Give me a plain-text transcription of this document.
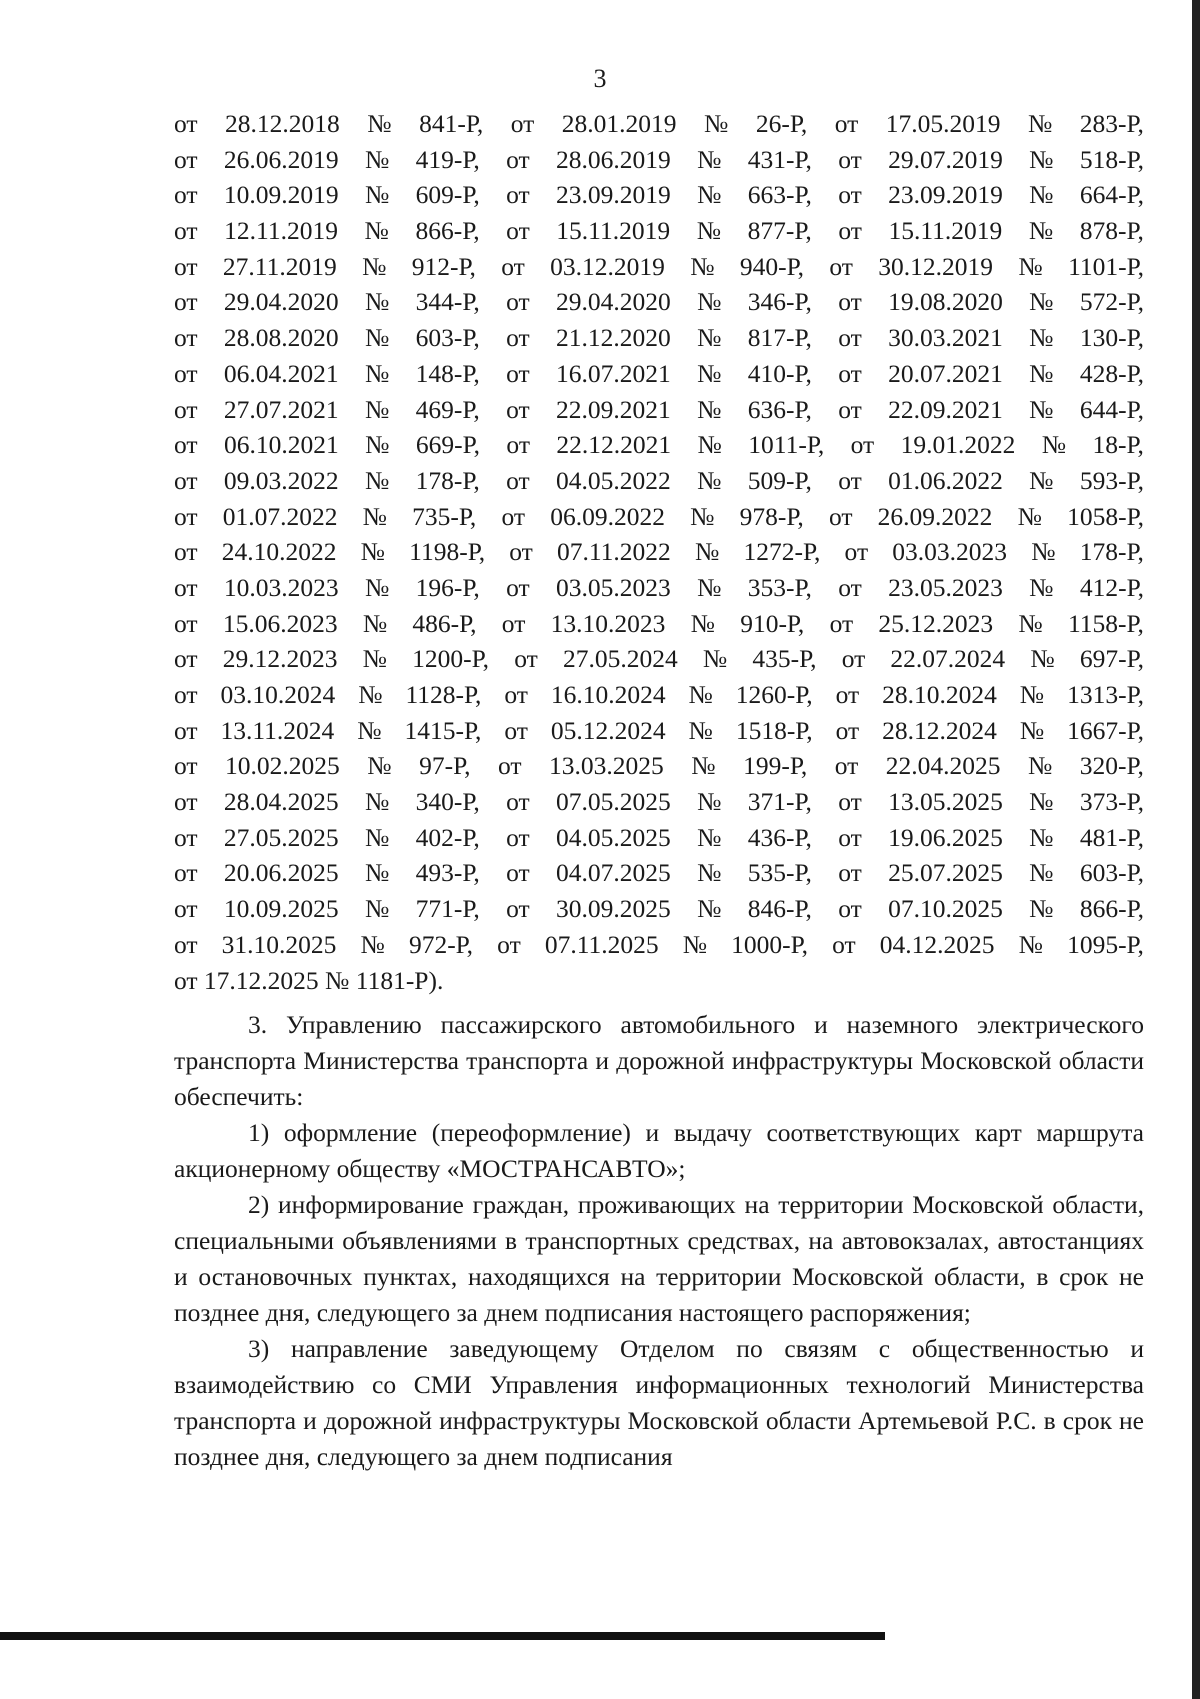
3
от 28.12.2018 № 841-Р, от 28.01.2019 № 26-Р, от 17.05.2019 № 283-Р,
от 26.06.2019 № 419-Р, от 28.06.2019 № 431-Р, от 29.07.2019 № 518-Р,
от 10.09.2019 № 609-Р, от 23.09.2019 № 663-Р, от 23.09.2019 № 664-Р,
от 12.11.2019 № 866-Р, от 15.11.2019 № 877-Р, от 15.11.2019 № 878-Р,
от 27.11.2019 № 912-Р, от 03.12.2019 № 940-Р, от 30.12.2019 № 1101-Р,
от 29.04.2020 № 344-Р, от 29.04.2020 № 346-Р, от 19.08.2020 № 572-Р,
от 28.08.2020 № 603-Р, от 21.12.2020 № 817-Р, от 30.03.2021 № 130-Р,
от 06.04.2021 № 148-Р, от 16.07.2021 № 410-Р, от 20.07.2021 № 428-Р,
от 27.07.2021 № 469-Р, от 22.09.2021 № 636-Р, от 22.09.2021 № 644-Р,
от 06.10.2021 № 669-Р, от 22.12.2021 № 1011-Р, от 19.01.2022 № 18-Р,
от 09.03.2022 № 178-Р, от 04.05.2022 № 509-Р, от 01.06.2022 № 593-Р,
от 01.07.2022 № 735-Р, от 06.09.2022 № 978-Р, от 26.09.2022 № 1058-Р,
от 24.10.2022 № 1198-Р, от 07.11.2022 № 1272-Р, от 03.03.2023 № 178-Р,
от 10.03.2023 № 196-Р, от 03.05.2023 № 353-Р, от 23.05.2023 № 412-Р,
от 15.06.2023 № 486-Р, от 13.10.2023 № 910-Р, от 25.12.2023 № 1158-Р,
от 29.12.2023 № 1200-Р, от 27.05.2024 № 435-Р, от 22.07.2024 № 697-Р,
от 03.10.2024 № 1128-Р, от 16.10.2024 № 1260-Р, от 28.10.2024 № 1313-Р,
от 13.11.2024 № 1415-Р, от 05.12.2024 № 1518-Р, от 28.12.2024 № 1667-Р,
от 10.02.2025 № 97-Р, от 13.03.2025 № 199-Р, от 22.04.2025 № 320-Р,
от 28.04.2025 № 340-Р, от 07.05.2025 № 371-Р, от 13.05.2025 № 373-Р,
от 27.05.2025 № 402-Р, от 04.05.2025 № 436-Р, от 19.06.2025 № 481-Р,
от 20.06.2025 № 493-Р, от 04.07.2025 № 535-Р, от 25.07.2025 № 603-Р,
от 10.09.2025 № 771-Р, от 30.09.2025 № 846-Р, от 07.10.2025 № 866-Р,
от 31.10.2025 № 972-Р, от 07.11.2025 № 1000-Р, от 04.12.2025 № 1095-Р,
от 17.12.2025 № 1181-Р).

3. Управлению пассажирского автомобильного и наземного электрического транспорта Министерства транспорта и дорожной инфраструктуры Московской области обеспечить:

1) оформление (переоформление) и выдачу соответствующих карт маршрута акционерному обществу «МОСТРАНСАВТО»;

2) информирование граждан, проживающих на территории Московской области, специальными объявлениями в транспортных средствах, на автовокзалах, автостанциях и остановочных пунктах, находящихся на территории Московской области, в срок не позднее дня, следующего за днем подписания настоящего распоряжения;

3) направление заведующему Отделом по связям с общественностью и взаимодействию со СМИ Управления информационных технологий Министерства транспорта и дорожной инфраструктуры Московской области Артемьевой Р.С. в срок не позднее дня, следующего за днем подписания
